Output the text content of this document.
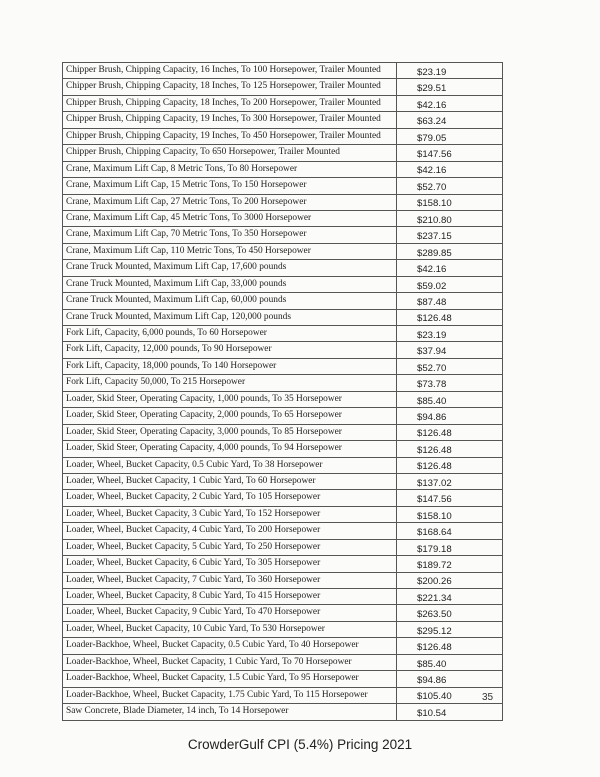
Chipper Brush, Chipping Capacity, 16 Inches, To 100 Horsepower, Trailer Mounted	$23.19
Chipper Brush, Chipping Capacity, 18 Inches, To 125 Horsepower, Trailer Mounted	$29.51
Chipper Brush, Chipping Capacity, 18 Inches, To 200 Horsepower, Trailer Mounted	$42.16
Chipper Brush, Chipping Capacity, 19 Inches, To 300 Horsepower, Trailer Mounted	$63.24
Chipper Brush, Chipping Capacity, 19 Inches, To 450 Horsepower, Trailer Mounted	$79.05
Chipper Brush, Chipping Capacity, To 650 Horsepower, Trailer Mounted	$147.56
Crane, Maximum Lift Cap, 8 Metric Tons, To 80 Horsepower	$42.16
Crane, Maximum Lift Cap, 15 Metric Tons, To 150 Horsepower	$52.70
Crane, Maximum Lift Cap, 27 Metric Tons, To 200 Horsepower	$158.10
Crane, Maximum Lift Cap, 45 Metric Tons, To 3000 Horsepower	$210.80
Crane, Maximum Lift Cap, 70 Metric Tons, To 350 Horsepower	$237.15
Crane, Maximum Lift Cap, 110 Metric Tons, To 450 Horsepower	$289.85
Crane Truck Mounted, Maximum Lift Cap, 17,600 pounds	$42.16
Crane Truck Mounted, Maximum Lift Cap, 33,000 pounds	$59.02
Crane Truck Mounted, Maximum Lift Cap, 60,000 pounds	$87.48
Crane Truck Mounted, Maximum Lift Cap, 120,000 pounds	$126.48
Fork Lift, Capacity, 6,000 pounds, To 60 Horsepower	$23.19
Fork Lift, Capacity, 12,000 pounds, To 90 Horsepower	$37.94
Fork Lift, Capacity, 18,000 pounds, To 140 Horsepower	$52.70
Fork Lift, Capacity 50,000, To 215 Horsepower	$73.78
Loader, Skid Steer, Operating Capacity, 1,000 pounds, To 35 Horsepower	$85.40
Loader, Skid Steer, Operating Capacity, 2,000 pounds, To 65 Horsepower	$94.86
Loader, Skid Steer, Operating Capacity, 3,000 pounds, To 85 Horsepower	$126.48
Loader, Skid Steer, Operating Capacity, 4,000 pounds, To 94 Horsepower	$126.48
Loader, Wheel, Bucket Capacity, 0.5 Cubic Yard, To 38 Horsepower	$126.48
Loader, Wheel, Bucket Capacity, 1 Cubic Yard, To 60 Horsepower	$137.02
Loader, Wheel, Bucket Capacity, 2 Cubic Yard, To 105 Horsepower	$147.56
Loader, Wheel, Bucket Capacity, 3 Cubic Yard, To 152 Horsepower	$158.10
Loader, Wheel, Bucket Capacity, 4 Cubic Yard, To 200 Horsepower	$168.64
Loader, Wheel, Bucket Capacity, 5 Cubic Yard, To 250 Horsepower	$179.18
Loader, Wheel, Bucket Capacity, 6 Cubic Yard, To 305 Horsepower	$189.72
Loader, Wheel, Bucket Capacity, 7 Cubic Yard, To 360 Horsepower	$200.26
Loader, Wheel, Bucket Capacity, 8 Cubic Yard, To 415 Horsepower	$221.34
Loader, Wheel, Bucket Capacity, 9 Cubic Yard, To 470 Horsepower	$263.50
Loader, Wheel, Bucket Capacity, 10 Cubic Yard, To 530 Horsepower	$295.12
Loader-Backhoe, Wheel, Bucket Capacity, 0.5 Cubic Yard, To 40 Horsepower	$126.48
Loader-Backhoe, Wheel, Bucket Capacity, 1 Cubic Yard, To 70 Horsepower	$85.40
Loader-Backhoe, Wheel, Bucket Capacity, 1.5 Cubic Yard, To 95 Horsepower	$94.86
Loader-Backhoe, Wheel, Bucket Capacity, 1.75 Cubic Yard, To 115 Horsepower	$105.40
Saw Concrete, Blade Diameter, 14 inch, To 14 Horsepower	$10.54
35
CrowderGulf CPI (5.4%) Pricing 2021
